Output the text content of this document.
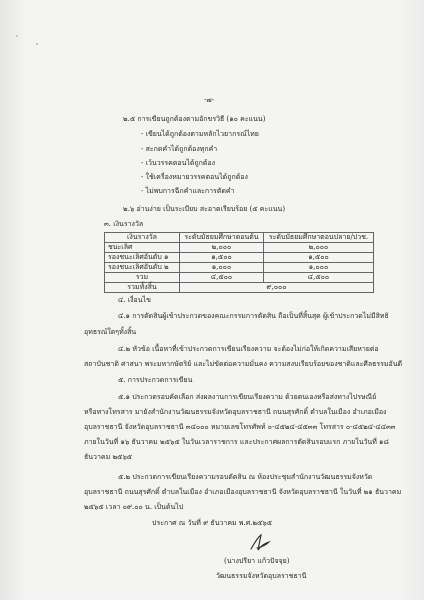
-๗-
๒.๕ การเขียนถูกต้องตามอักขรวิธี (๑๐ คะแนน)
- เขียนได้ถูกต้องตามหลักไวยากรณ์ไทย
- สะกดคำได้ถูกต้องทุกคำ
- เว้นวรรคตอนได้ถูกต้อง
- ใช้เครื่องหมายวรรคตอนได้ถูกต้อง
- ไม่พบการฉีกคำและการตัดคำ
๒.๖ อ่านง่าย เป็นระเบียบ สะอาดเรียบร้อย (๕ คะแนน)
๓. เงินรางวัล
เงินรางวัล	ระดับมัธยมศึกษาตอนต้น	ระดับมัธยมศึกษาตอนปลาย/ปวช.
ชนะเลิศ	๒,๐๐๐	๒,๐๐๐
รองชนะเลิศอันดับ ๑	๑,๕๐๐	๑,๕๐๐
รองชนะเลิศอันดับ ๒	๑,๐๐๐	๑,๐๐๐
รวม	๔,๕๐๐	๔,๕๐๐
รวมทั้งสิ้น	๙,๐๐๐	
๔. เงื่อนไข
๔.๑ การตัดสินผู้เข้าประกวดของคณะกรรมการตัดสิน ถือเป็นที่สิ้นสุด ผู้เข้าประกวดไม่มีสิทธิ
อุทธรณ์ใดๆทั้งสิ้น
๔.๒ หัวข้อ เนื้อหาที่เข้าประกวดการเขียนเรียงความ จะต้องไม่ก่อให้เกิดความเสียหายต่อ
สถาบันชาติ ศาสนา พระมหากษัตริย์ และไม่ขัดต่อความมั่นคง ความสงบเรียบร้อยของชาติและศีลธรรมอันดี
๕. การประกวดการเขียน
๕.๑ ประกวดรอบคัดเลือก ส่งผลงานการเขียนเรียงความ ด้วยตนเองหรือส่งทางไปรษณีย์
หรือทางโทรสาร มายังสำนักงานวัฒนธรรมจังหวัดอุบลราชธานี ถนนสุรศักดิ์ ตำบลในเมือง อำเภอเมือง
อุบลราชธานี จังหวัดอุบลราชธานี ๓๔๐๐๐ หมายเลขโทรศัพท์ ๐-๔๕๒๔-๔๕๓๓ โทรสาร ๐-๔๕๒๔-๔๔๓๓
ภายในวันที่ ๑๖ ธันวาคม ๒๕๖๕ ในวันเวลาราชการ และประกาศผลการตัดสินรอบแรก ภายในวันที่ ๑๘
ธันวาคม ๒๕๖๕
๕.๒ ประกวดการเขียนเรียงความรอบตัดสิน ณ ห้องประชุมสำนักงานวัฒนธรรมจังหวัด
อุบลราชธานี ถนนสุรศักดิ์ ตำบลในเมือง อำเภอเมืองอุบลราชธานี จังหวัดอุบลราชธานี ในวันที่ ๒๑ ธันวาคม
๒๕๖๕ เวลา ๐๙.๐๐ น. เป็นต้นไป
ประกาศ ณ วันที่ ๙ ธันวาคม พ.ศ.๒๕๖๕
(นางปรียา แก้วปัจจุย)
วัฒนธรรมจังหวัดอุบลราชธานี
